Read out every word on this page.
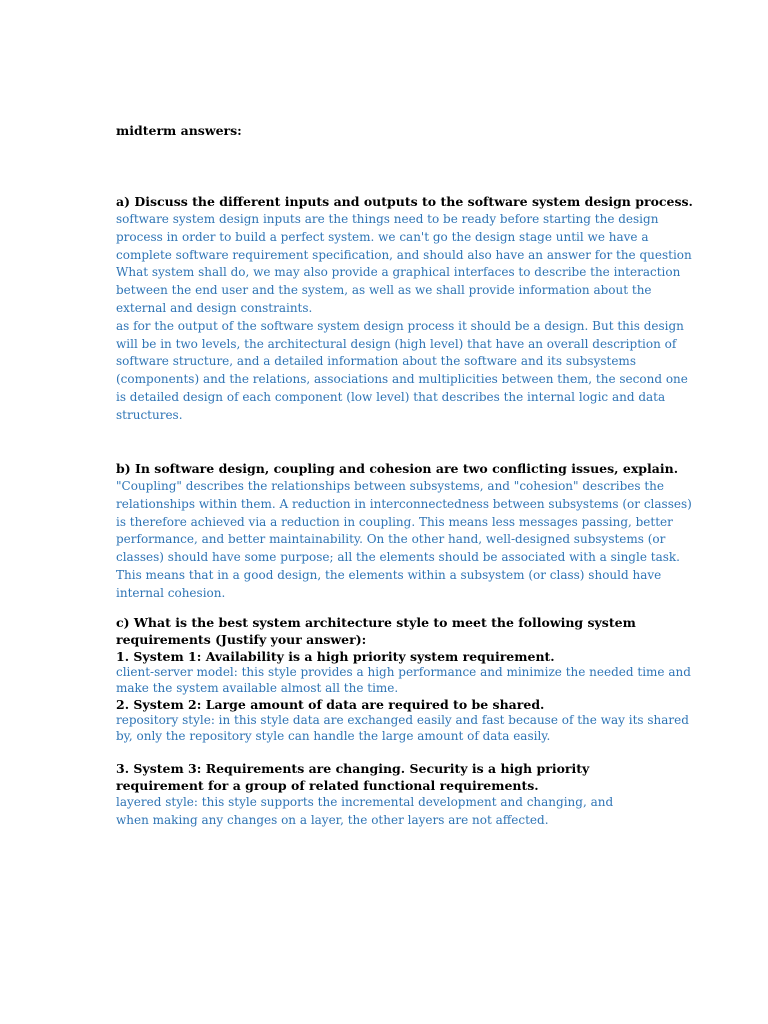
midterm answers:
a) Discuss the different inputs and outputs to the software system design process.
software system design inputs are the things need to be ready before starting the design
process in order to build a perfect system. we can't go the design stage until we have a
complete software requirement specification, and should also have an answer for the question
What system shall do, we may also provide a graphical interfaces to describe the interaction
between the end user and the system, as well as we shall provide information about the
external and design constraints.
as for the output of the software system design process it should be a design. But this design
will be in two levels, the architectural design (high level) that have an overall description of
software structure, and a detailed information about the software and its subsystems
(components) and the relations, associations and multiplicities between them, the second one
is detailed design of each component (low level) that describes the internal logic and data
structures.
b) In software design, coupling and cohesion are two conflicting issues, explain.
"Coupling" describes the relationships between subsystems, and "cohesion" describes the
relationships within them. A reduction in interconnectedness between subsystems (or classes)
is therefore achieved via a reduction in coupling. This means less messages passing, better
performance, and better maintainability. On the other hand, well-designed subsystems (or
classes) should have some purpose; all the elements should be associated with a single task.
This means that in a good design, the elements within a subsystem (or class) should have
internal cohesion.
c) What is the best system architecture style to meet the following system
requirements (Justify your answer):
1. System 1: Availability is a high priority system requirement.
client-server model: this style provides a high performance and minimize the needed time and
make the system available almost all the time.
2. System 2: Large amount of data are required to be shared.
repository style: in this style data are exchanged easily and fast because of the way its shared
by, only the repository style can handle the large amount of data easily.
3. System 3: Requirements are changing. Security is a high priority
requirement for a group of related functional requirements.
layered style: this style supports the incremental development and changing, and
when making any changes on a layer, the other layers are not affected.
